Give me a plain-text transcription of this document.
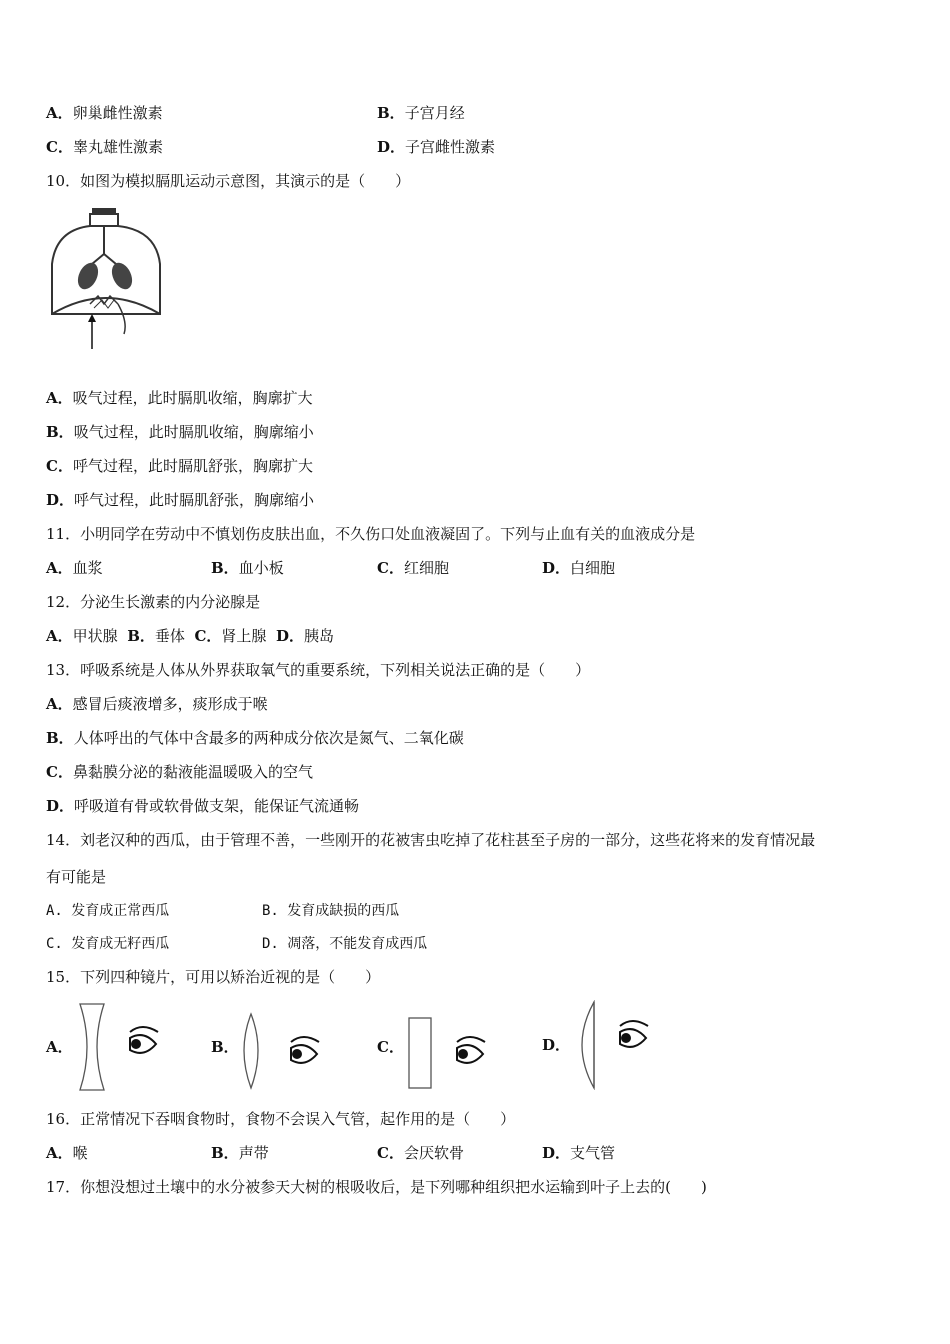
A．卵巢雌性激素	B．子宫月经
C．睾丸雄性激素	D．子宫雌性激素
10．如图为模拟膈肌运动示意图，其演示的是（　　）
A．吸气过程，此时膈肌收缩，胸廓扩大
B．吸气过程，此时膈肌收缩，胸廓缩小
C．呼气过程，此时膈肌舒张，胸廓扩大
D．呼气过程，此时膈肌舒张，胸廓缩小
11．小明同学在劳动中不慎划伤皮肤出血，不久伤口处血液凝固了。下列与止血有关的血液成分是
A．血浆	B．血小板	C．红细胞	D．白细胞
12．分泌生长激素的内分泌腺是
A．甲状腺 B．垂体 C．肾上腺 D．胰岛
13．呼吸系统是人体从外界获取氧气的重要系统，下列相关说法正确的是（　　）
A．感冒后痰液增多，痰形成于喉
B．人体呼出的气体中含最多的两种成分依次是氮气、二氧化碳
C．鼻黏膜分泌的黏液能温暖吸入的空气
D．呼吸道有骨或软骨做支架，能保证气流通畅
14．刘老汉种的西瓜，由于管理不善，一些刚开的花被害虫吃掉了花柱甚至子房的一部分，这些花将来的发育情况最
有可能是
A. 发育成正常西瓜	B. 发育成缺损的西瓜
C. 发育成无籽西瓜	D. 凋落，不能发育成西瓜
15．下列四种镜片，可用以矫治近视的是（　　）
A．	B．	C．	D．
16．正常情况下吞咽食物时，食物不会误入气管，起作用的是（　　）
A．喉	B．声带	C．会厌软骨	D．支气管
17．你想没想过土壤中的水分被参天大树的根吸收后，是下列哪种组织把水运输到叶子上去的(　　)
